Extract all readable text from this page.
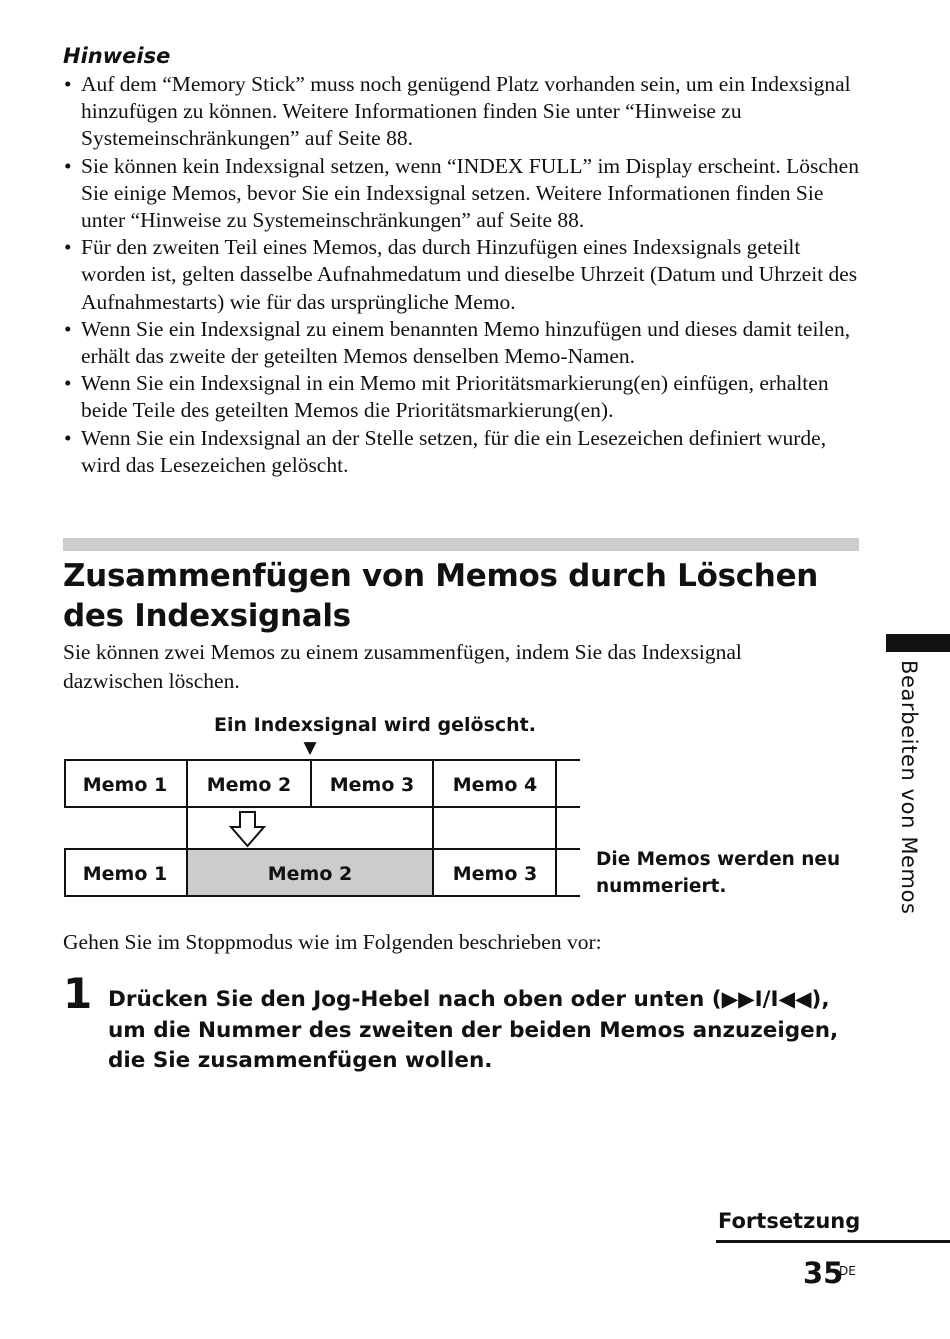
Hinweise
• Auf dem “Memory Stick” muss noch genügend Platz vorhanden sein, um ein Indexsignal hinzufügen zu können. Weitere Informationen finden Sie unter “Hinweise zu Systemeinschränkungen” auf Seite 88.
• Sie können kein Indexsignal setzen, wenn “INDEX FULL” im Display erscheint. Löschen Sie einige Memos, bevor Sie ein Indexsignal setzen. Weitere Informationen finden Sie unter “Hinweise zu Systemeinschränkungen” auf Seite 88.
• Für den zweiten Teil eines Memos, das durch Hinzufügen eines Indexsignals geteilt worden ist, gelten dasselbe Aufnahmedatum und dieselbe Uhrzeit (Datum und Uhrzeit des Aufnahmestarts) wie für das ursprüngliche Memo.
• Wenn Sie ein Indexsignal zu einem benannten Memo hinzufügen und dieses damit teilen, erhält das zweite der geteilten Memos denselben Memo-Namen.
• Wenn Sie ein Indexsignal in ein Memo mit Prioritätsmarkierung(en) einfügen, erhalten beide Teile des geteilten Memos die Prioritätsmarkierung(en).
• Wenn Sie ein Indexsignal an der Stelle setzen, für die ein Lesezeichen definiert wurde, wird das Lesezeichen gelöscht.
Zusammenfügen von Memos durch Löschen des Indexsignals

Sie können zwei Memos zu einem zusammenfügen, indem Sie das Indexsignal dazwischen löschen.

Ein Indexsignal wird gelöscht.
▼
Memo 1 Memo 2 Memo 3 Memo 4
Memo 1	Memo 2	Memo 3
Die Memos werden neu
nummeriert.

Gehen Sie im Stoppmodus wie im Folgenden beschrieben vor:

1 Drücken Sie den Jog-Hebel nach oben oder unten (▶▶I/I◀◀), um die Nummer des zweiten der beiden Memos anzuzeigen, die Sie zusammenfügen wollen.

Bearbeiten von Memos
Fortsetzung
35
DE
